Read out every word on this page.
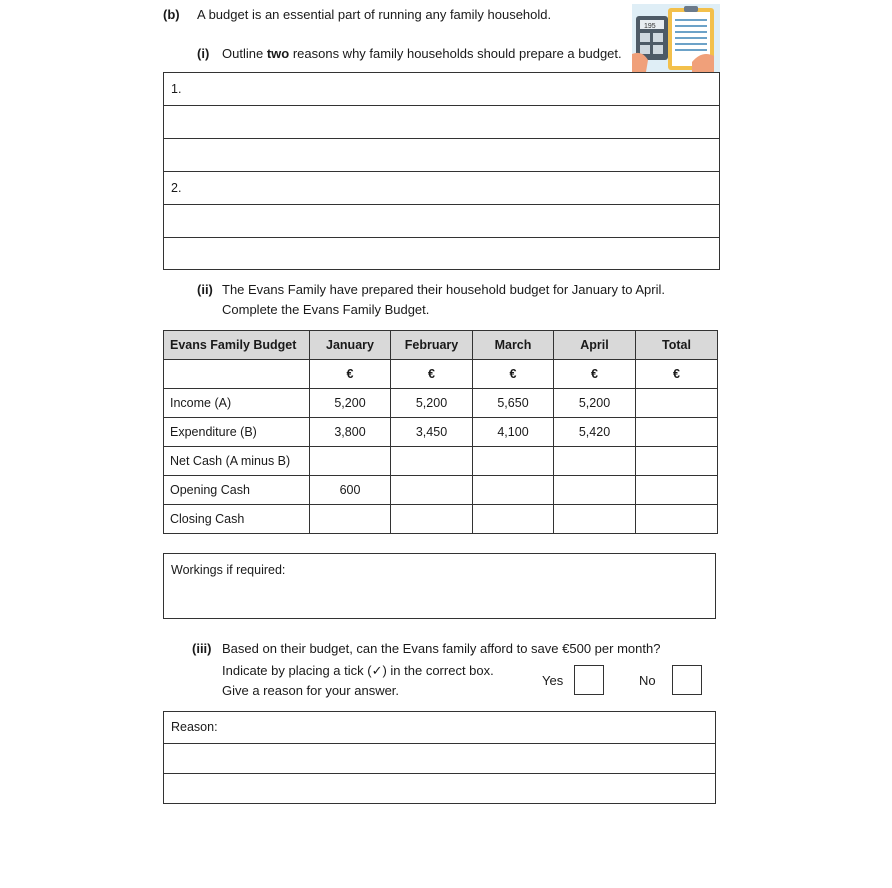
(b) A budget is an essential part of running any family household.
195
(i) Outline two reasons why family households should prepare a budget.
1.
2.
(ii) The Evans Family have prepared their household budget for January to April.
Complete the Evans Family Budget.
Evans Family Budget	January	February	March	April	Total
	€	€	€	€	€
Income (A)	5,200	5,200	5,650	5,200	
Expenditure (B)	3,800	3,450	4,100	5,420	
Net Cash (A minus B)					
Opening Cash	600				
Closing Cash					
Workings if required:
(iii) Based on their budget, can the Evans family afford to save €500 per month?
Indicate by placing a tick (✓) in the correct box.
Give a reason for your answer.
Yes	No
Reason:
